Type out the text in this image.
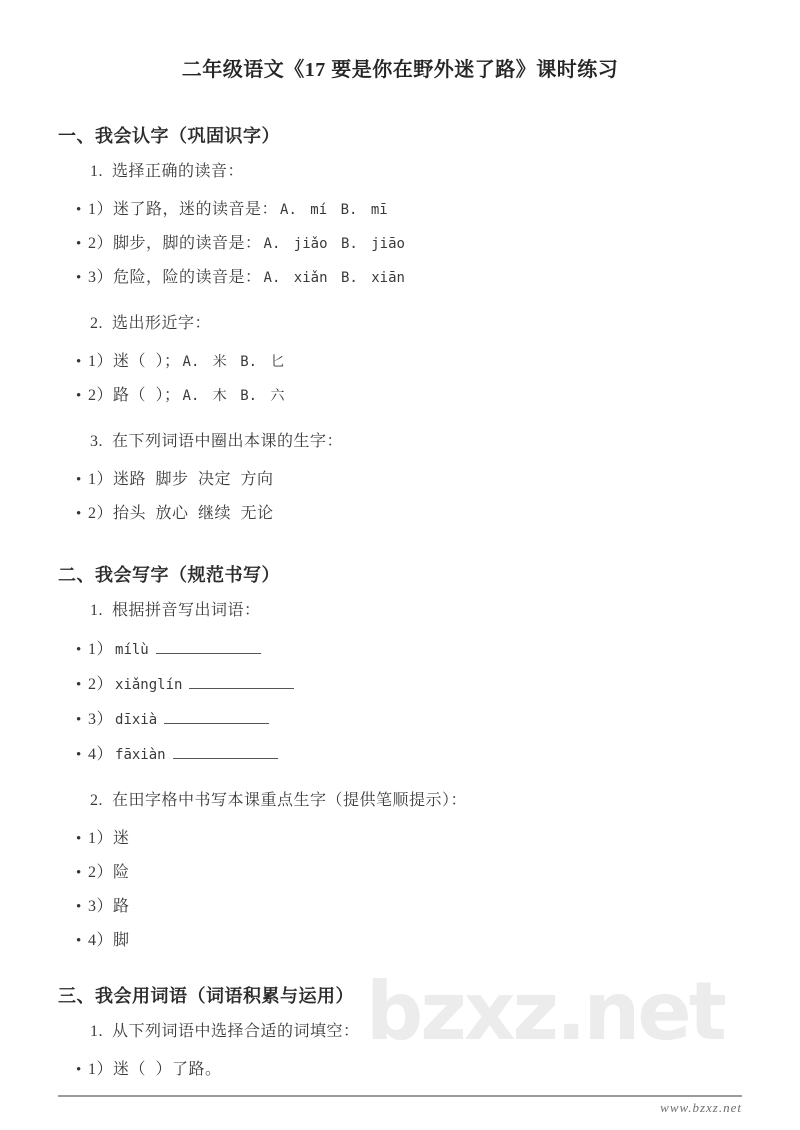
bzxz.net
二年级语文《17 要是你在野外迷了路》课时练习
一、我会认字（巩固识字）
1. 选择正确的读音：
• 1）迷了路，迷的读音是： A. mí B. mī
• 2）脚步，脚的读音是： A. jiǎo B. jiāo
• 3）危险，险的读音是： A. xiǎn B. xiān
2. 选出形近字：
• 1）迷（ ）； A. 米 B. 匕
• 2）路（ ）； A. 木 B. 六
3. 在下列词语中圈出本课的生字：
• 1）迷路 脚步 决定 方向
• 2）抬头 放心 继续 无论
二、我会写字（规范书写）
1. 根据拼音写出词语：
• 1） mílù
• 2） xiǎnglín
• 3） dīxià
• 4） fāxiàn
2. 在田字格中书写本课重点生字（提供笔顺提示）：
• 1）迷
• 2）险
• 3）路
• 4）脚
三、我会用词语（词语积累与运用）
1. 从下列词语中选择合适的词填空：
• 1）迷（ ）了路。
www.bzxz.net
